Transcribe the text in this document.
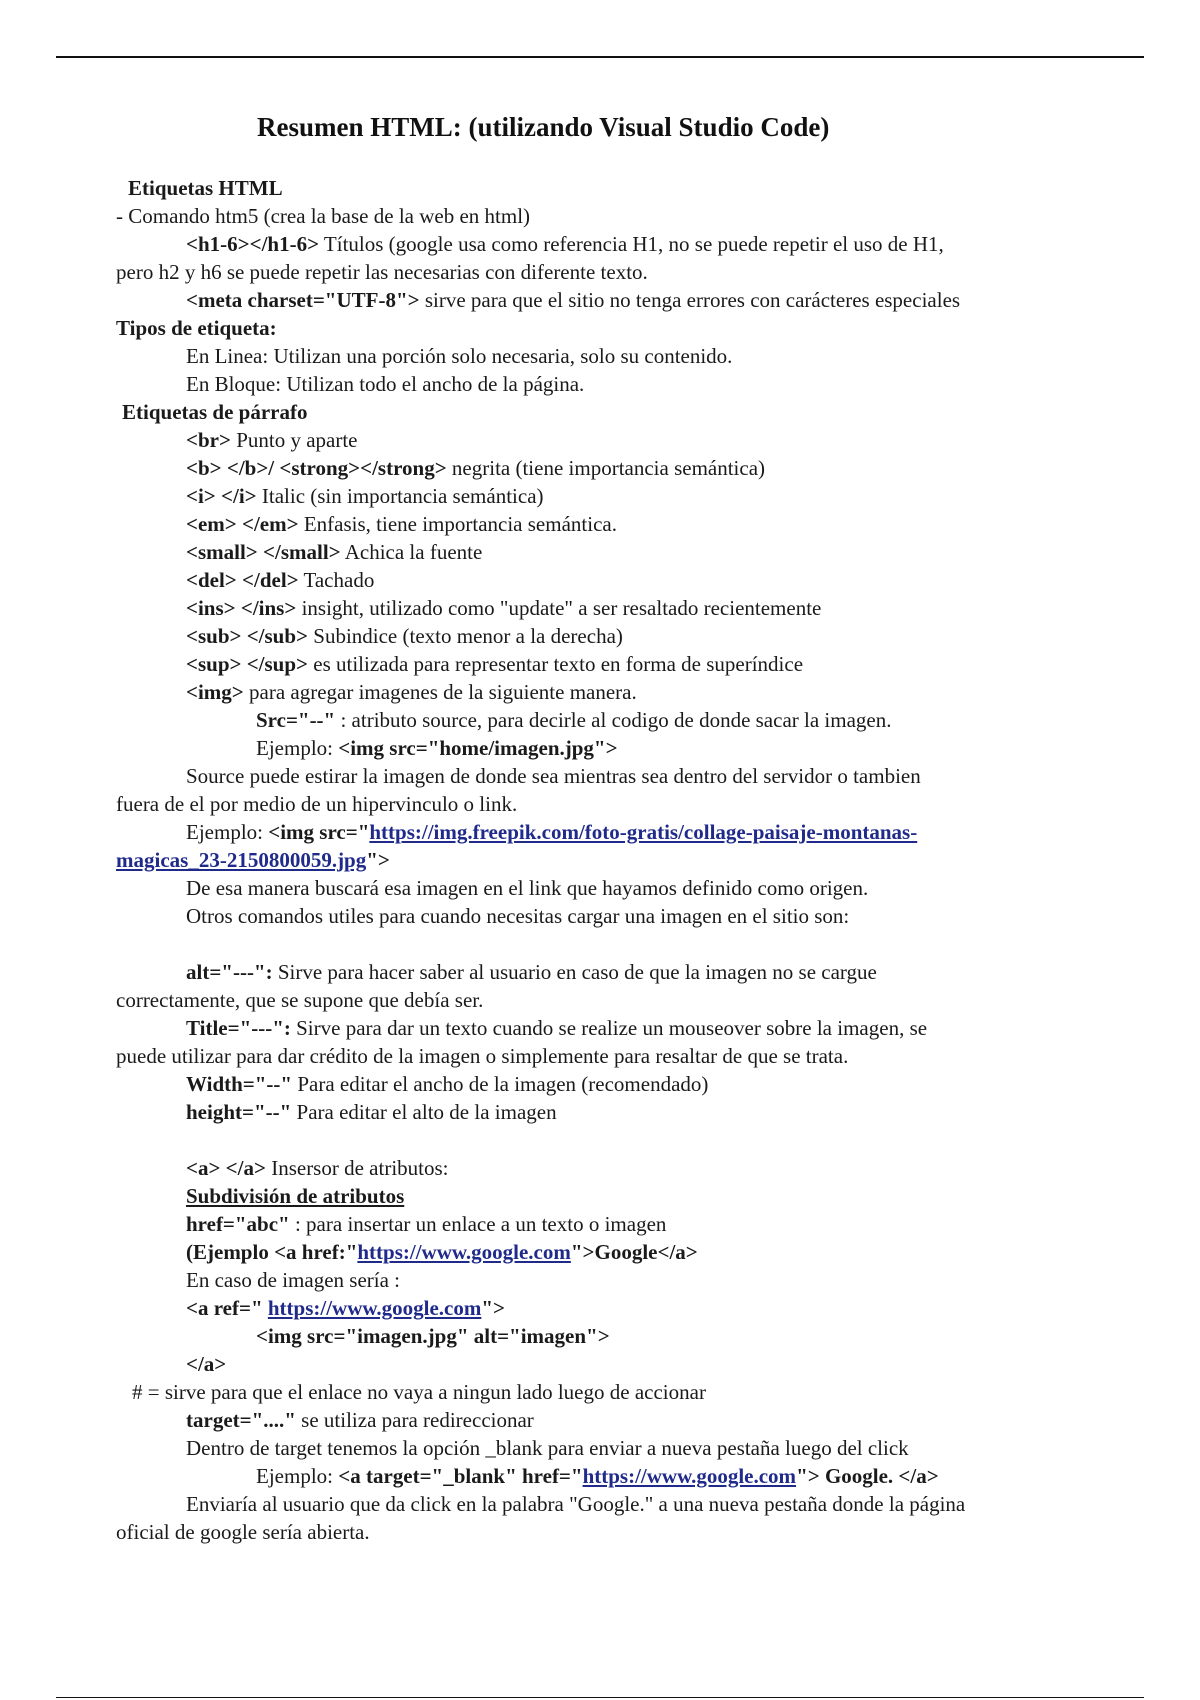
Resumen HTML: (utilizando Visual Studio Code)
Etiquetas HTML
- Comando htm5 (crea la base de la web en html)
<h1-6></h1-6> Títulos (google usa como referencia H1, no se puede repetir el uso de H1,
pero h2 y h6 se puede repetir las necesarias con diferente texto.
<meta charset="UTF-8"> sirve para que el sitio no tenga errores con carácteres especiales
Tipos de etiqueta:
En Linea: Utilizan una porción solo necesaria, solo su contenido.
En Bloque: Utilizan todo el ancho de la página.
Etiquetas de párrafo
<br> Punto y aparte
<b> </b>/ <strong></strong> negrita (tiene importancia semántica)
<i> </i> Italic (sin importancia semántica)
<em> </em> Enfasis, tiene importancia semántica.
<small> </small> Achica la fuente
<del> </del> Tachado
<ins> </ins> insight, utilizado como "update" a ser resaltado recientemente
<sub> </sub> Subindice (texto menor a la derecha)
<sup> </sup> es utilizada para representar texto en forma de superíndice
<img> para agregar imagenes de la siguiente manera.
Src="--" : atributo source, para decirle al codigo de donde sacar la imagen.
Ejemplo: <img src="home/imagen.jpg">
Source puede estirar la imagen de donde sea mientras sea dentro del servidor o tambien
fuera de el por medio de un hipervinculo o link.
Ejemplo: <img src="https://img.freepik.com/foto-gratis/collage-paisaje-montanas-
magicas_23-2150800059.jpg">
De esa manera buscará esa imagen en el link que hayamos definido como origen.
Otros comandos utiles para cuando necesitas cargar una imagen en el sitio son:
alt="---": Sirve para hacer saber al usuario en caso de que la imagen no se cargue
correctamente, que se supone que debía ser.
Title="---": Sirve para dar un texto cuando se realize un mouseover sobre la imagen, se
puede utilizar para dar crédito de la imagen o simplemente para resaltar de que se trata.
Width="--" Para editar el ancho de la imagen (recomendado)
height="--" Para editar el alto de la imagen
<a> </a> Insersor de atributos:
Subdivisión de atributos
href="abc" : para insertar un enlace a un texto o imagen
(Ejemplo <a href:"https://www.google.com">Google</a>
En caso de imagen sería :
<a ref=" https://www.google.com">
<img src="imagen.jpg" alt="imagen">
</a>
# = sirve para que el enlace no vaya a ningun lado luego de accionar
target="...." se utiliza para redireccionar
Dentro de target tenemos la opción _blank para enviar a nueva pestaña luego del click
Ejemplo: <a target="_blank" href="https://www.google.com"> Google. </a>
Enviaría al usuario que da click en la palabra "Google." a una nueva pestaña donde la página
oficial de google sería abierta.
